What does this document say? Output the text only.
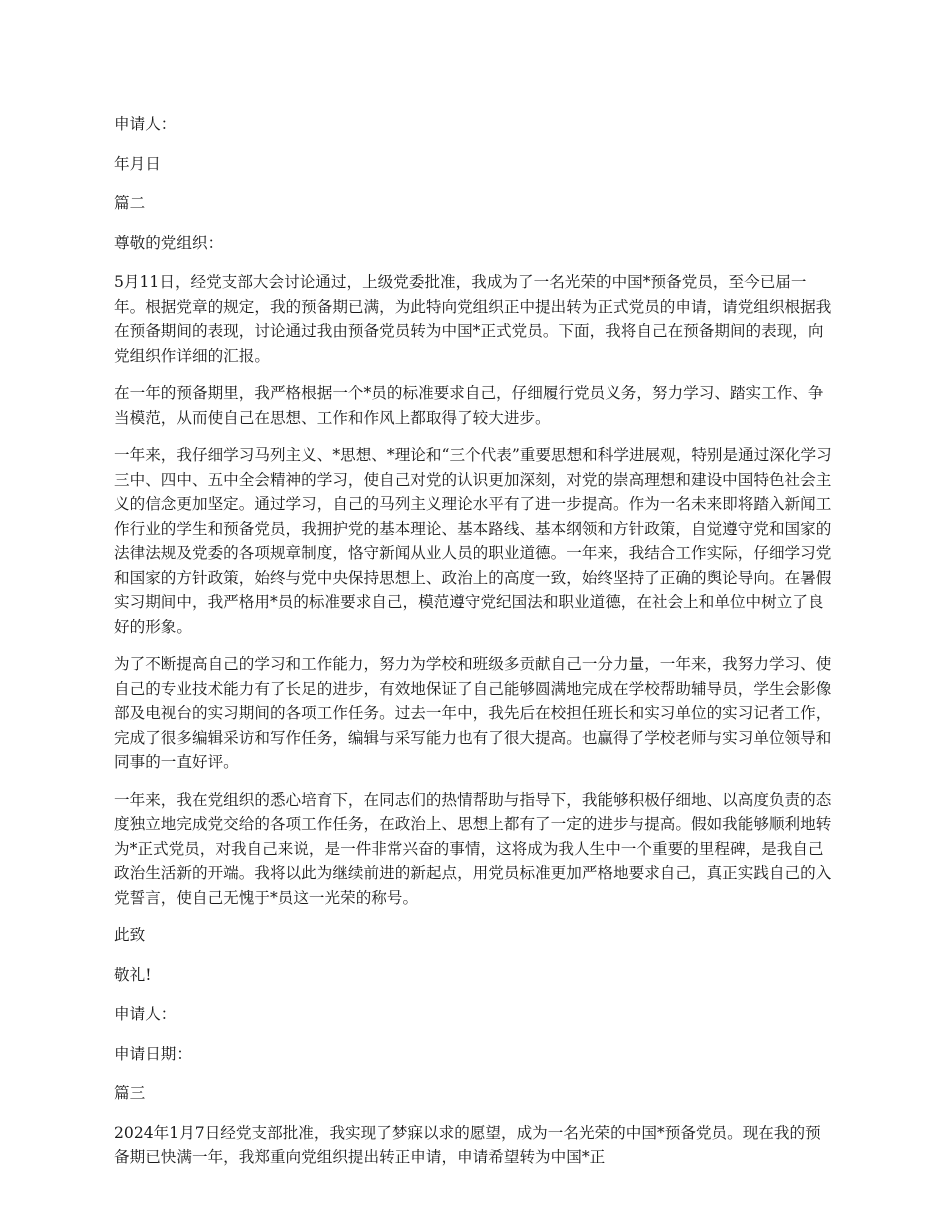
申请人：

年月日

篇二

尊敬的党组织：

5月11日，经党支部大会讨论通过，上级党委批准，我成为了一名光荣的中国*预备党员，至今已届一年。根据党章的规定，我的预备期已满，为此特向党组织正中提出转为正式党员的申请，请党组织根据我在预备期间的表现，讨论通过我由预备党员转为中国*正式党员。下面，我将自己在预备期间的表现，向党组织作详细的汇报。

在一年的预备期里，我严格根据一个*员的标准要求自己，仔细履行党员义务，努力学习、踏实工作、争当模范，从而使自己在思想、工作和作风上都取得了较大进步。

一年来，我仔细学习马列主义、*思想、*理论和“三个代表”重要思想和科学进展观，特别是通过深化学习三中、四中、五中全会精神的学习，使自己对党的认识更加深刻，对党的崇高理想和建设中国特色社会主义的信念更加坚定。通过学习，自己的马列主义理论水平有了进一步提高。作为一名未来即将踏入新闻工作行业的学生和预备党员，我拥护党的基本理论、基本路线、基本纲领和方针政策，自觉遵守党和国家的法律法规及党委的各项规章制度，恪守新闻从业人员的职业道德。一年来，我结合工作实际，仔细学习党和国家的方针政策，始终与党中央保持思想上、政治上的高度一致，始终坚持了正确的舆论导向。在暑假实习期间中，我严格用*员的标准要求自己，模范遵守党纪国法和职业道德，在社会上和单位中树立了良好的形象。

为了不断提高自己的学习和工作能力，努力为学校和班级多贡献自己一分力量，一年来，我努力学习、使自己的专业技术能力有了长足的进步，有效地保证了自己能够圆满地完成在学校帮助辅导员，学生会影像部及电视台的实习期间的各项工作任务。过去一年中，我先后在校担任班长和实习单位的实习记者工作，完成了很多编辑采访和写作任务，编辑与采写能力也有了很大提高。也赢得了学校老师与实习单位领导和同事的一直好评。

一年来，我在党组织的悉心培育下，在同志们的热情帮助与指导下，我能够积极仔细地、以高度负责的态度独立地完成党交给的各项工作任务，在政治上、思想上都有了一定的进步与提高。假如我能够顺利地转为*正式党员，对我自己来说，是一件非常兴奋的事情，这将成为我人生中一个重要的里程碑，是我自己政治生活新的开端。我将以此为继续前进的新起点，用党员标准更加严格地要求自己，真正实践自己的入党誓言，使自己无愧于*员这一光荣的称号。

此致

敬礼!

申请人：

申请日期：

篇三

2024年1月7日经党支部批准，我实现了梦寐以求的愿望，成为一名光荣的中国*预备党员。现在我的预备期已快满一年，我郑重向党组织提出转正申请，申请希望转为中国*正
